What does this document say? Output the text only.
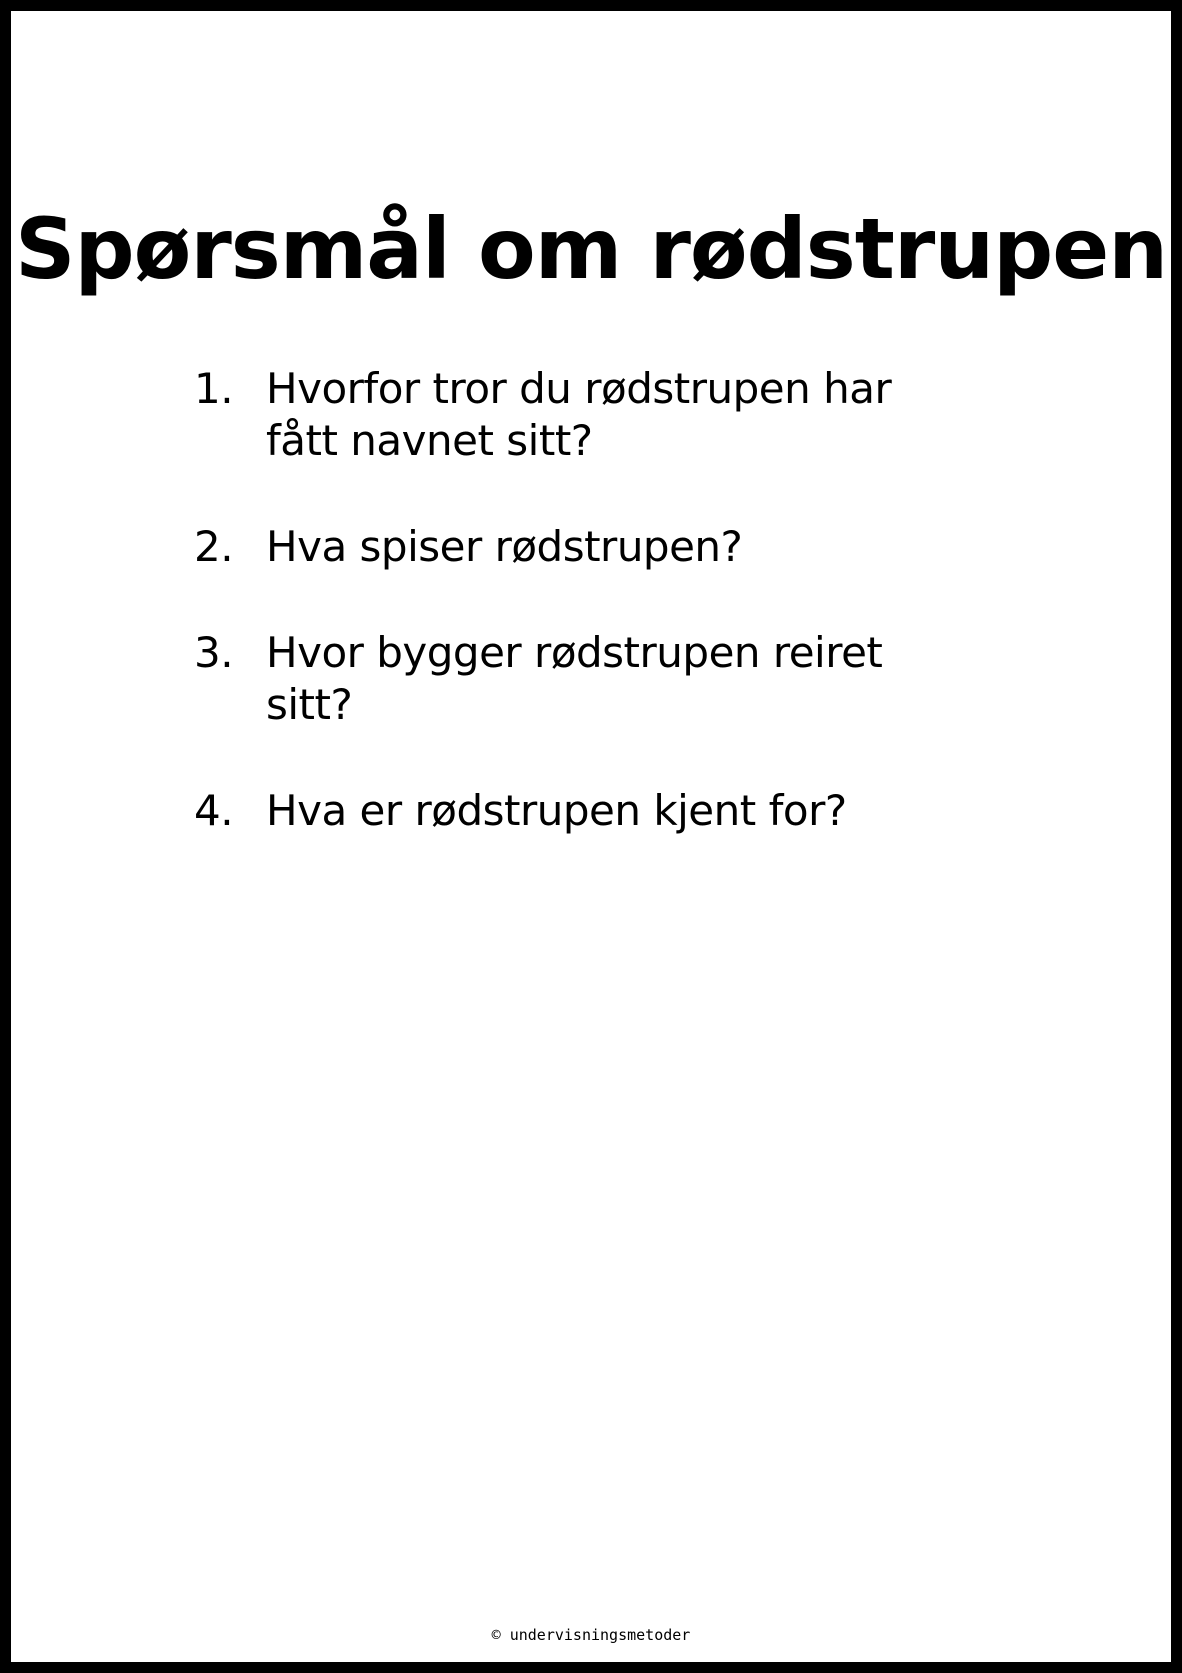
Spørsmål om rødstrupen
1. Hvorfor tror du rødstrupen har fått navnet sitt?
2. Hva spiser rødstrupen?
3. Hvor bygger rødstrupen reiret sitt?
4. Hva er rødstrupen kjent for?
© undervisningsmetoder
